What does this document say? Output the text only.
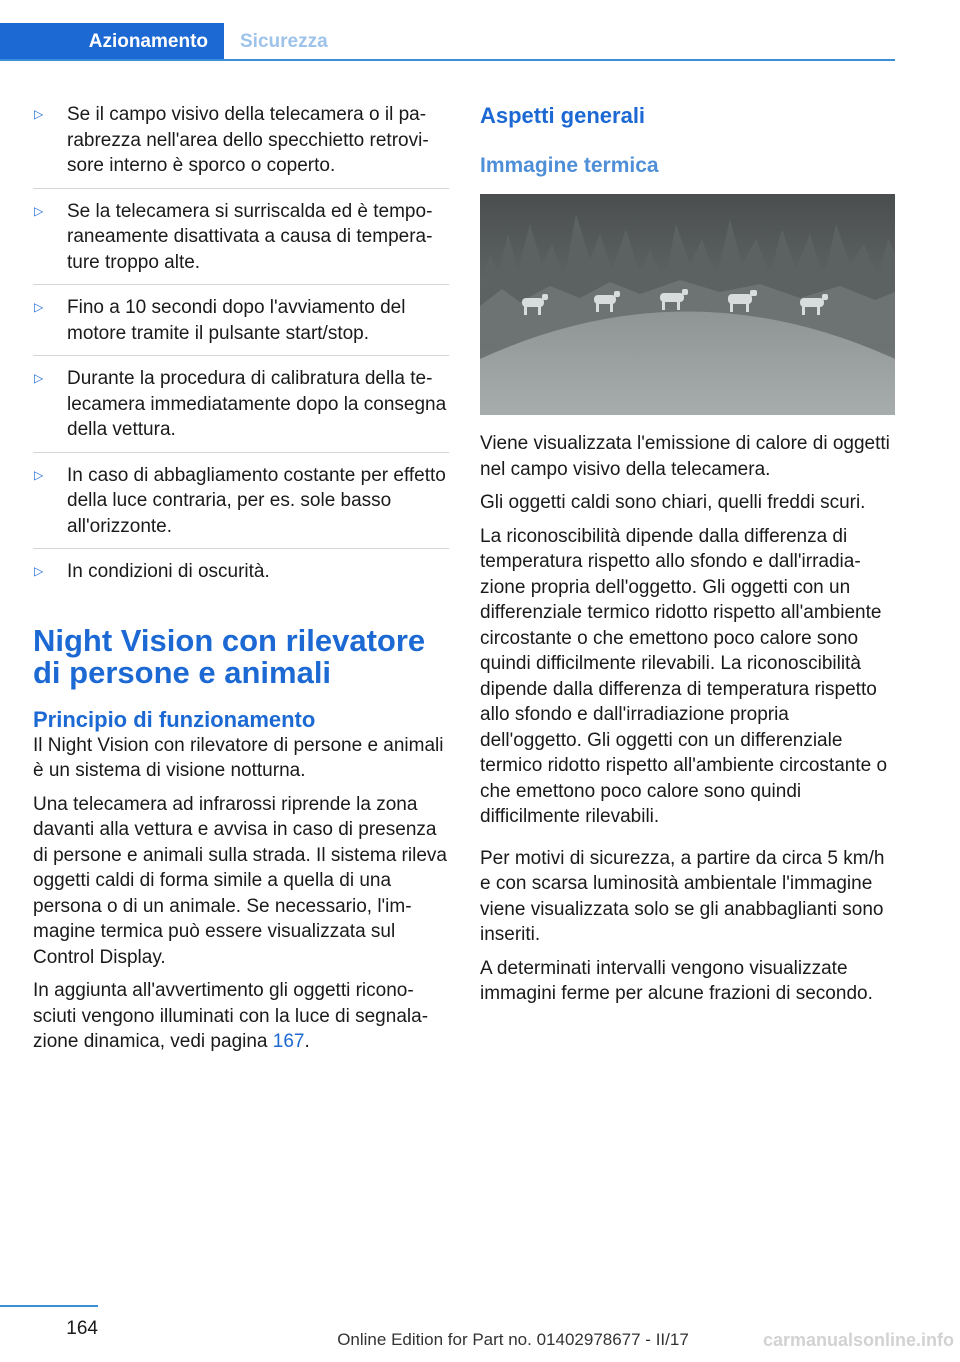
Azionamento	Sicurezza
▷	Se il campo visivo della telecamera o il parabrezza nell'area dello specchietto retrovisore interno è sporco o coperto.
▷	Se la telecamera si surriscalda ed è temporaneamente disattivata a causa di temperature troppo alte.
▷	Fino a 10 secondi dopo l'avviamento del motore tramite il pulsante start/stop.
▷	Durante la procedura di calibratura della telecamera immediatamente dopo la consegna della vettura.
▷	In caso di abbagliamento costante per effetto della luce contraria, per es. sole basso all'orizzonte.
▷	In condizioni di oscurità.
Night Vision con rilevatore di persone e animali
Principio di funzionamento

Il Night Vision con rilevatore di persone e animali è un sistema di visione notturna.

Una telecamera ad infrarossi riprende la zona davanti alla vettura e avvisa in caso di presenza di persone e animali sulla strada. Il sistema rileva oggetti caldi di forma simile a quella di una persona o di un animale. Se necessario, l'immagine termica può essere visualizzata sul Control Display.

In aggiunta all'avvertimento gli oggetti riconosciuti vengono illuminati con la luce di segnalazione dinamica, vedi pagina 167.

Aspetti generali
Immagine termica

Viene visualizzata l'emissione di calore di oggetti nel campo visivo della telecamera.

Gli oggetti caldi sono chiari, quelli freddi scuri.

La riconoscibilità dipende dalla differenza di temperatura rispetto allo sfondo e dall'irradiazione propria dell'oggetto. Gli oggetti con un differenziale termico ridotto rispetto all'ambiente circostante o che emettono poco calore sono quindi difficilmente rilevabili. La riconoscibilità dipende dalla differenza di temperatura rispetto allo sfondo e dall'irradiazione propria dell'oggetto. Gli oggetti con un differenziale termico ridotto rispetto all'ambiente circostante o che emettono poco calore sono quindi difficilmente rilevabili.

Per motivi di sicurezza, a partire da circa 5 km/h e con scarsa luminosità ambientale l'immagine viene visualizzata solo se gli anabbaglianti sono inseriti.

A determinati intervalli vengono visualizzate immagini ferme per alcune frazioni di secondo.

164
Online Edition for Part no. 01402978677 - II/17	carmanualsonline.info
